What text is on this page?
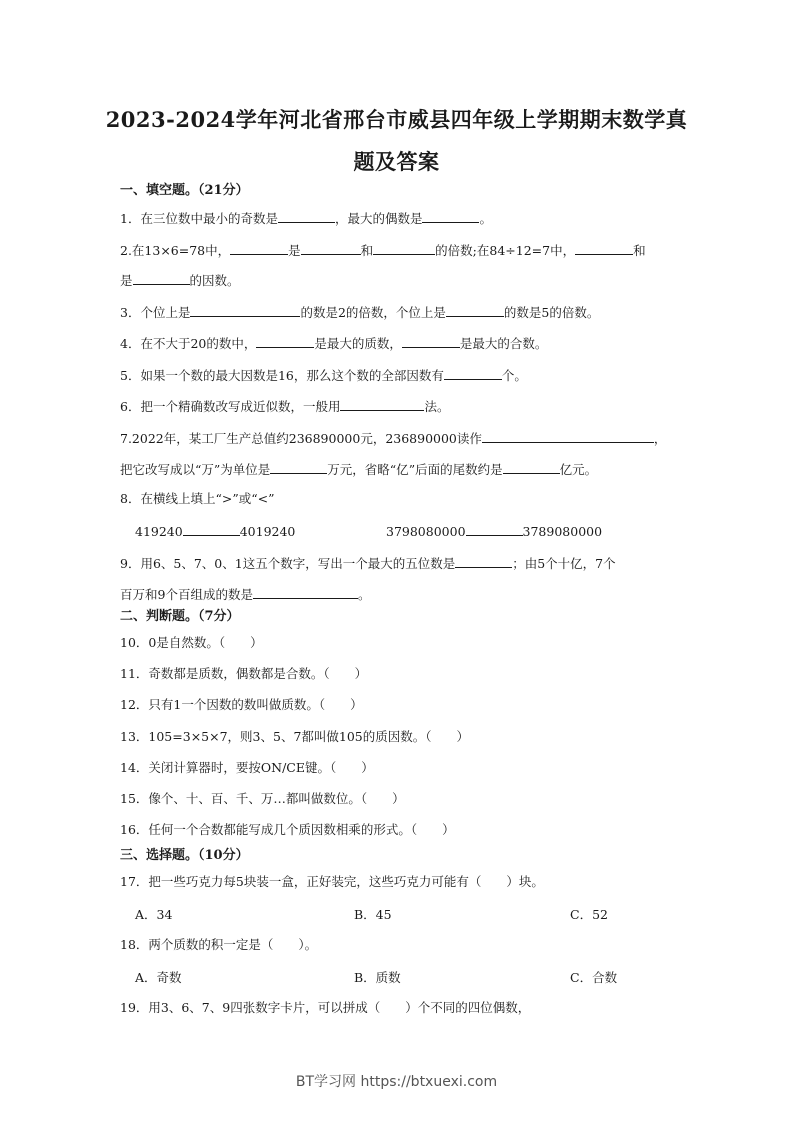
2023-2024学年河北省邢台市威县四年级上学期期末数学真
题及答案
一、填空题。（21分）
1．在三位数中最小的奇数是	，最大的偶数是	。
2.在13×6=78中，	是	和	的倍数;在84÷12=7中，	和
是	的因数。
3．个位上是	的数是2的倍数，个位上是	的数是5的倍数。
4．在不大于20的数中，	是最大的质数，	是最大的合数。
5．如果一个数的最大因数是16，那么这个数的全部因数有	个。
6．把一个精确数改写成近似数，一般用	法。
7.2022年，某工厂生产总值约236890000元，236890000读作	，
把它改写成以“万”为单位是	万元，省略“亿”后面的尾数约是	亿元。
8．在横线上填上“>”或“<”
419240	4019240	3798080000	3789080000
9．用6、5、7、0、1这五个数字，写出一个最大的五位数是	；由5个十亿，7个
百万和9个百组成的数是	。
二、判断题。（7分）
10．0是自然数。（　　）
11．奇数都是质数，偶数都是合数。（　　）
12．只有1一个因数的数叫做质数。（　　）
13．105=3×5×7，则3、5、7都叫做105的质因数。（　　）
14．关闭计算器时，要按ON/CE键。（　　）
15．像个、十、百、千、万…都叫做数位。（　　）
16．任何一个合数都能写成几个质因数相乘的形式。（　　）
三、选择题。（10分）
17．把一些巧克力每5块装一盒，正好装完，这些巧克力可能有（　　）块。
A．34	B．45	C．52
18．两个质数的积一定是（　　）。
A．奇数	B．质数	C．合数
19．用3、6、7、9四张数字卡片，可以拼成（　　）个不同的四位偶数，
BT学习网 https://btxuexi.com
